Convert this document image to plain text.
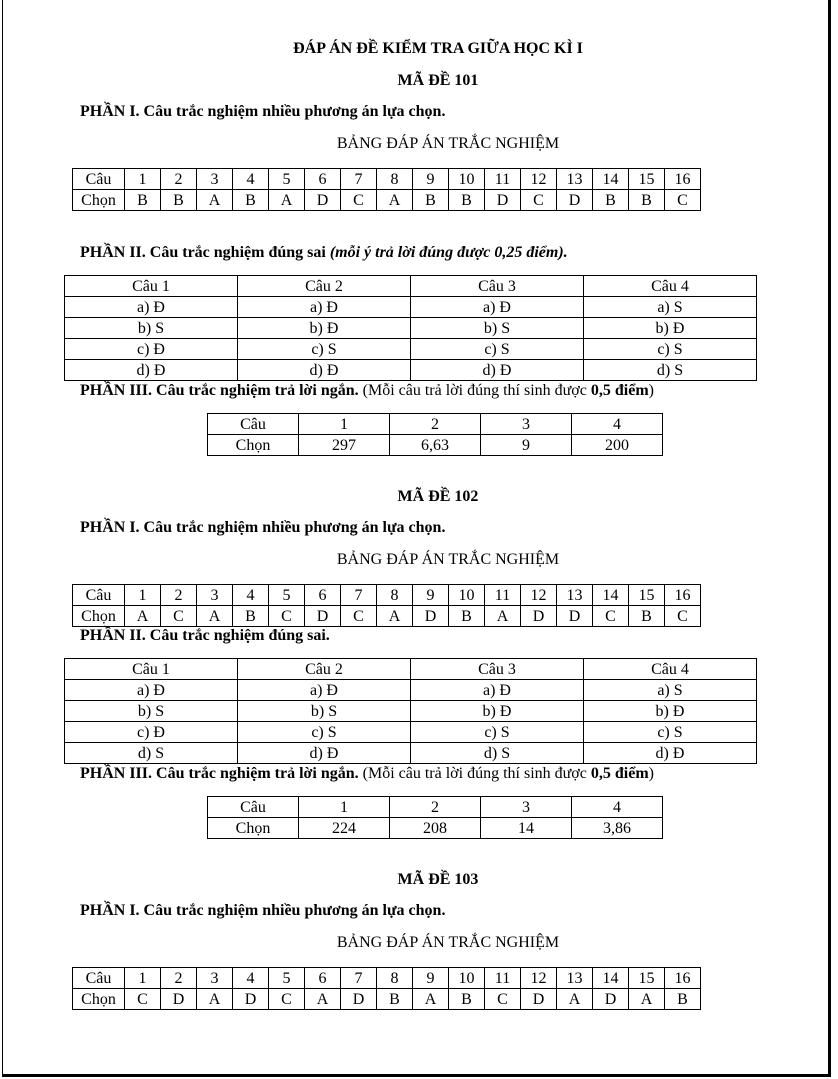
ĐÁP ÁN ĐỀ KIỂM TRA GIỮA HỌC KÌ I
MÃ ĐỀ 101
PHẦN I. Câu trắc nghiệm nhiều phương án lựa chọn.
BẢNG ĐÁP ÁN TRẮC NGHIỆM
Câu	1	2	3	4	5	6	7	8	9	10	11	12	13	14	15	16
Chọn	B	B	A	B	A	D	C	A	B	B	D	C	D	B	B	C
PHẦN II. Câu trắc nghiệm đúng sai (mỗi ý trả lời đúng được 0,25 điểm).
Câu 1	Câu 2	Câu 3	Câu 4
a) Đ	a) Đ	a) Đ	a) S
b) S	b) Đ	b) S	b) Đ
c) Đ	c) S	c) S	c) S
d) Đ	d) Đ	d) Đ	d) S
PHẦN III. Câu trắc nghiệm trả lời ngắn. (Mỗi câu trả lời đúng thí sinh được 0,5 điểm)
Câu	1	2	3	4
Chọn	297	6,63	9	200
MÃ ĐỀ 102
PHẦN I. Câu trắc nghiệm nhiều phương án lựa chọn.
BẢNG ĐÁP ÁN TRẮC NGHIỆM
Câu	1	2	3	4	5	6	7	8	9	10	11	12	13	14	15	16
Chọn	A	C	A	B	C	D	C	A	D	B	A	D	D	C	B	C
PHẦN II. Câu trắc nghiệm đúng sai.
Câu 1	Câu 2	Câu 3	Câu 4
a) Đ	a) Đ	a) Đ	a) S
b) S	b) S	b) Đ	b) Đ
c) Đ	c) S	c) S	c) S
d) S	d) Đ	d) S	d) Đ
PHẦN III. Câu trắc nghiệm trả lời ngắn. (Mỗi câu trả lời đúng thí sinh được 0,5 điểm)
Câu	1	2	3	4
Chọn	224	208	14	3,86
MÃ ĐỀ 103
PHẦN I. Câu trắc nghiệm nhiều phương án lựa chọn.
BẢNG ĐÁP ÁN TRẮC NGHIỆM
Câu	1	2	3	4	5	6	7	8	9	10	11	12	13	14	15	16
Chọn	C	D	A	D	C	A	D	B	A	B	C	D	A	D	A	B
